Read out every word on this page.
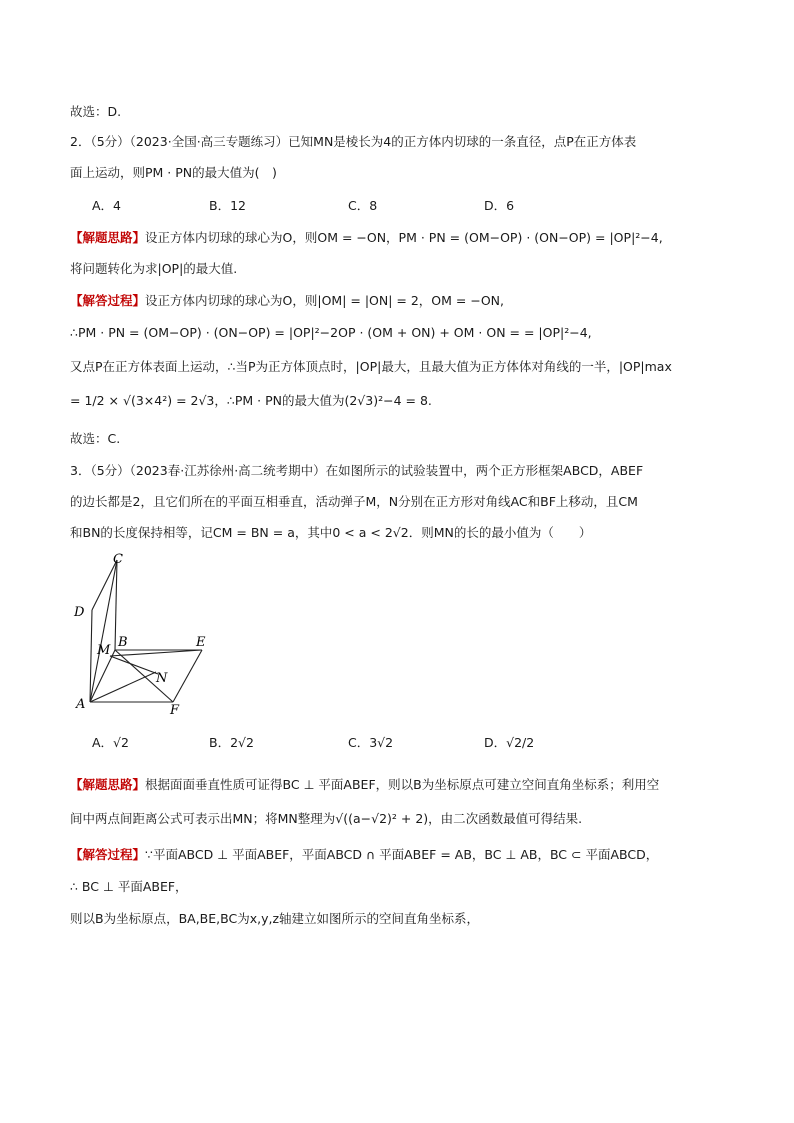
故选：D.
2．（5分）（2023·全国·高三专题练习）已知MN是棱长为4的正方体内切球的一条直径，点P在正方体表
面上运动，则PM · PN的最大值为(　)
A．4	B．12	C．8	D．6
【解题思路】设正方体内切球的球心为O，则OM = −ON，PM · PN = (OM−OP) · (ON−OP) = |OP|²−4,
将问题转化为求|OP|的最大值.
【解答过程】设正方体内切球的球心为O，则|OM| = |ON| = 2，OM = −ON,
∴PM · PN = (OM−OP) · (ON−OP) = |OP|²−2OP · (OM + ON) + OM · ON = = |OP|²−4,
又点P在正方体表面上运动，∴当P为正方体顶点时，|OP|最大，且最大值为正方体体对角线的一半，|OP|max
= 1/2 × √(3×4²) = 2√3，∴PM · PN的最大值为(2√3)²−4 = 8.
故选：C.
3．（5分）（2023春·江苏徐州·高二统考期中）在如图所示的试验装置中，两个正方形框架ABCD，ABEF
的边长都是2，且它们所在的平面互相垂直，活动弹子M，N分别在正方形对角线AC和BF上移动，且CM
和BN的长度保持相等，记CM = BN = a，其中0 < a < 2√2．则MN的长的最小值为（　　）
C
D
B	E
M
N
A	F
A．√2	B．2√2	C．3√2	D．√2/2
【解题思路】根据面面垂直性质可证得BC ⊥ 平面ABEF，则以B为坐标原点可建立空间直角坐标系；利用空
间中两点间距离公式可表示出MN；将MN整理为√((a−√2)² + 2)，由二次函数最值可得结果.
【解答过程】∵平面ABCD ⊥ 平面ABEF，平面ABCD ∩ 平面ABEF = AB，BC ⊥ AB，BC ⊂ 平面ABCD，
∴ BC ⊥ 平面ABEF，
则以B为坐标原点，BA,BE,BC为x,y,z轴建立如图所示的空间直角坐标系，
